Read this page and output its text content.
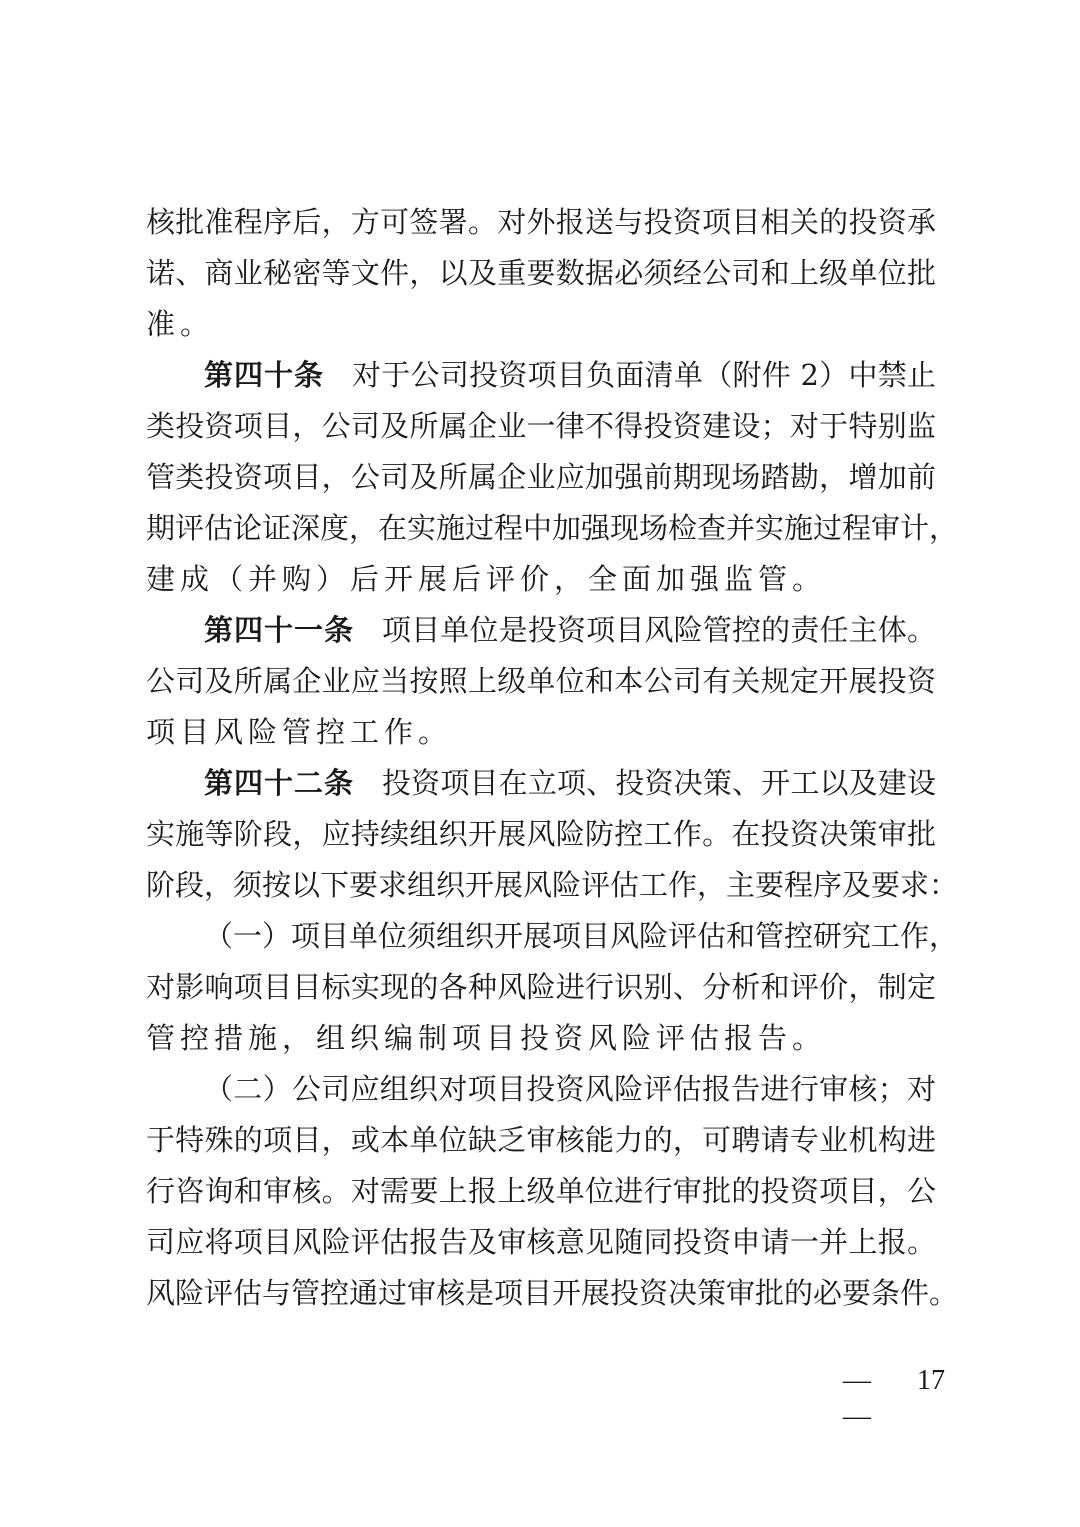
核批准程序后，方可签署。对外报送与投资项目相关的投资承
诺、商业秘密等文件，以及重要数据必须经公司和上级单位批
准。
第四十条 对于公司投资项目负面清单（附件 2）中禁止
类投资项目，公司及所属企业一律不得投资建设；对于特别监
管类投资项目，公司及所属企业应加强前期现场踏勘，增加前
期评估论证深度，在实施过程中加强现场检查并实施过程审计，
建成（并购）后开展后评价，全面加强监管。
第四十一条 项目单位是投资项目风险管控的责任主体。
公司及所属企业应当按照上级单位和本公司有关规定开展投资
项目风险管控工作。
第四十二条 投资项目在立项、投资决策、开工以及建设
实施等阶段，应持续组织开展风险防控工作。在投资决策审批
阶段，须按以下要求组织开展风险评估工作，主要程序及要求：
（一）项目单位须组织开展项目风险评估和管控研究工作，
对影响项目目标实现的各种风险进行识别、分析和评价，制定
管控措施，组织编制项目投资风险评估报告。
（二）公司应组织对项目投资风险评估报告进行审核；对
于特殊的项目，或本单位缺乏审核能力的，可聘请专业机构进
行咨询和审核。对需要上报上级单位进行审批的投资项目，公
司应将项目风险评估报告及审核意见随同投资申请一并上报。
风险评估与管控通过审核是项目开展投资决策审批的必要条件。
— 17
—
